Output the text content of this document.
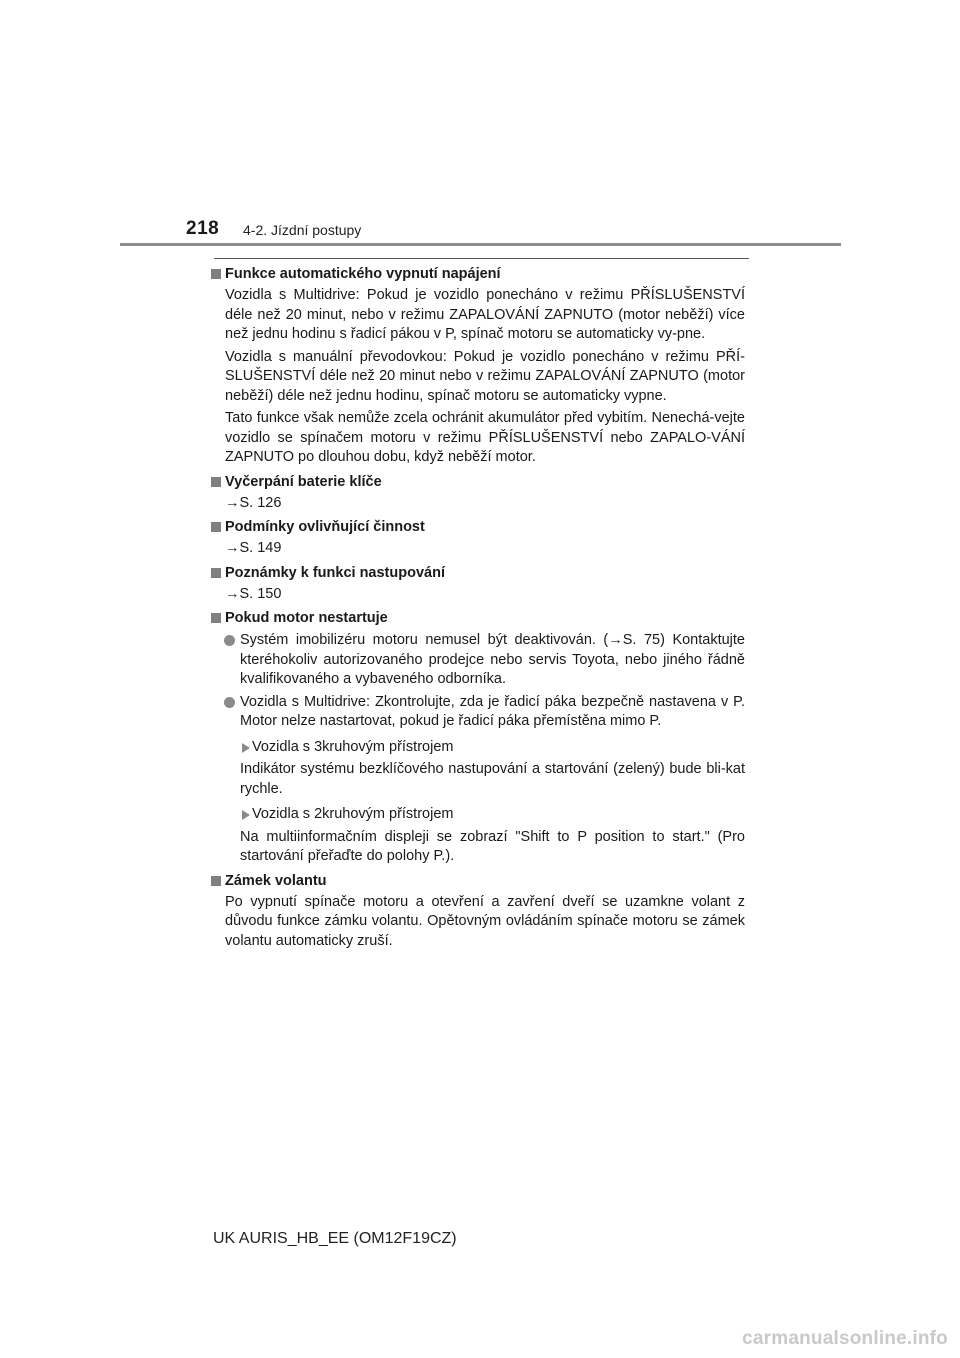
218 4-2. Jízdní postupy

Funkce automatického vypnutí napájení

Vozidla s Multidrive: Pokud je vozidlo ponecháno v režimu PŘÍSLUŠENSTVÍ déle než 20 minut, nebo v režimu ZAPALOVÁNÍ ZAPNUTO (motor neběží) více než jednu hodinu s řadicí pákou v P, spínač motoru se automaticky vy-pne.

Vozidla s manuální převodovkou: Pokud je vozidlo ponecháno v režimu PŘÍ-SLUŠENSTVÍ déle než 20 minut nebo v režimu ZAPALOVÁNÍ ZAPNUTO (motor neběží) déle než jednu hodinu, spínač motoru se automaticky vypne.

Tato funkce však nemůže zcela ochránit akumulátor před vybitím. Nenechá-vejte vozidlo se spínačem motoru v režimu PŘÍSLUŠENSTVÍ nebo ZAPALO-VÁNÍ ZAPNUTO po dlouhou dobu, když neběží motor.

Vyčerpání baterie klíče

→S. 126

Podmínky ovlivňující činnost

→S. 149

Poznámky k funkci nastupování

→S. 150

Pokud motor nestartuje

Systém imobilizéru motoru nemusel být deaktivován. (→S. 75) Kontaktujte kteréhokoliv autorizovaného prodejce nebo servis Toyota, nebo jiného řádně kvalifikovaného a vybaveného odborníka.

Vozidla s Multidrive: Zkontrolujte, zda je řadicí páka bezpečně nastavena v P. Motor nelze nastartovat, pokud je řadicí páka přemístěna mimo P.

Vozidla s 3kruhovým přístrojem

Indikátor systému bezklíčového nastupování a startování (zelený) bude bli-kat rychle.

Vozidla s 2kruhovým přístrojem

Na multiinformačním displeji se zobrazí "Shift to P position to start." (Pro startování přeřaďte do polohy P.).

Zámek volantu

Po vypnutí spínače motoru a otevření a zavření dveří se uzamkne volant z důvodu funkce zámku volantu. Opětovným ovládáním spínače motoru se zámek volantu automaticky zruší.

UK AURIS_HB_EE (OM12F19CZ)
carmanualsonline.info
